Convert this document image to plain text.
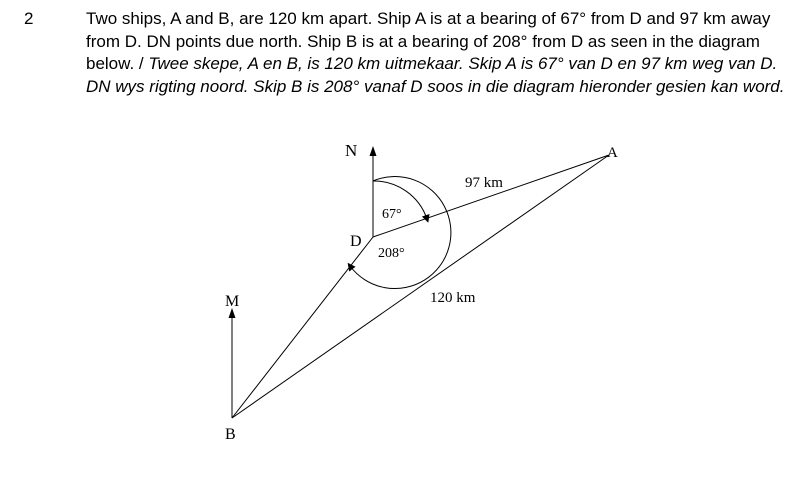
2	Two ships, A and B, are 120 km apart. Ship A is at a bearing of 67° from D and 97 km away from D. DN points due north. Ship B is at a bearing of 208° from D as seen in the diagram below. / Twee skepe, A en B, is 120 km uitmekaar. Skip A is 67° van D en 97 km weg van D. DN wys rigting noord. Skip B is 208° vanaf D soos in die diagram hieronder gesien kan word.
N	A
D
M
B
67°
208°
97 km
120 km
